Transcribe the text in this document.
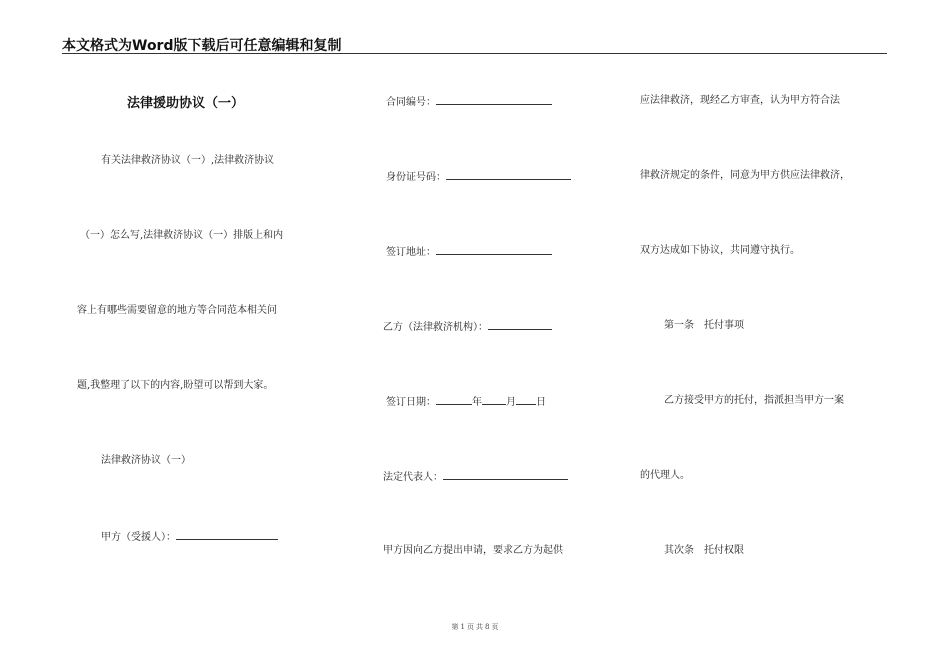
本文格式为Word版下载后可任意编辑和复制
法律援助协议（一）
有关法律救济协议（一）,法律救济协议
（一）怎么写,法律救济协议（一）排版上和内
容上有哪些需要留意的地方等合同范本相关问
题,我整理了以下的内容,盼望可以帮到大家。
法律救济协议（一）
甲方（受援人）：
合同编号：
身份证号码：
签订地址：
乙方（法律救济机构）：
签订日期：	年 月 日
法定代表人：
甲方因向乙方提出申请，要求乙方为起供
应法律救济，现经乙方审查，认为甲方符合法
律救济规定的条件，同意为甲方供应法律救济，
双方达成如下协议，共同遵守执行。
第一条　托付事项
乙方接受甲方的托付，指派担当甲方一案
的代理人。
其次条　托付权限
第 1 页 共 8 页
